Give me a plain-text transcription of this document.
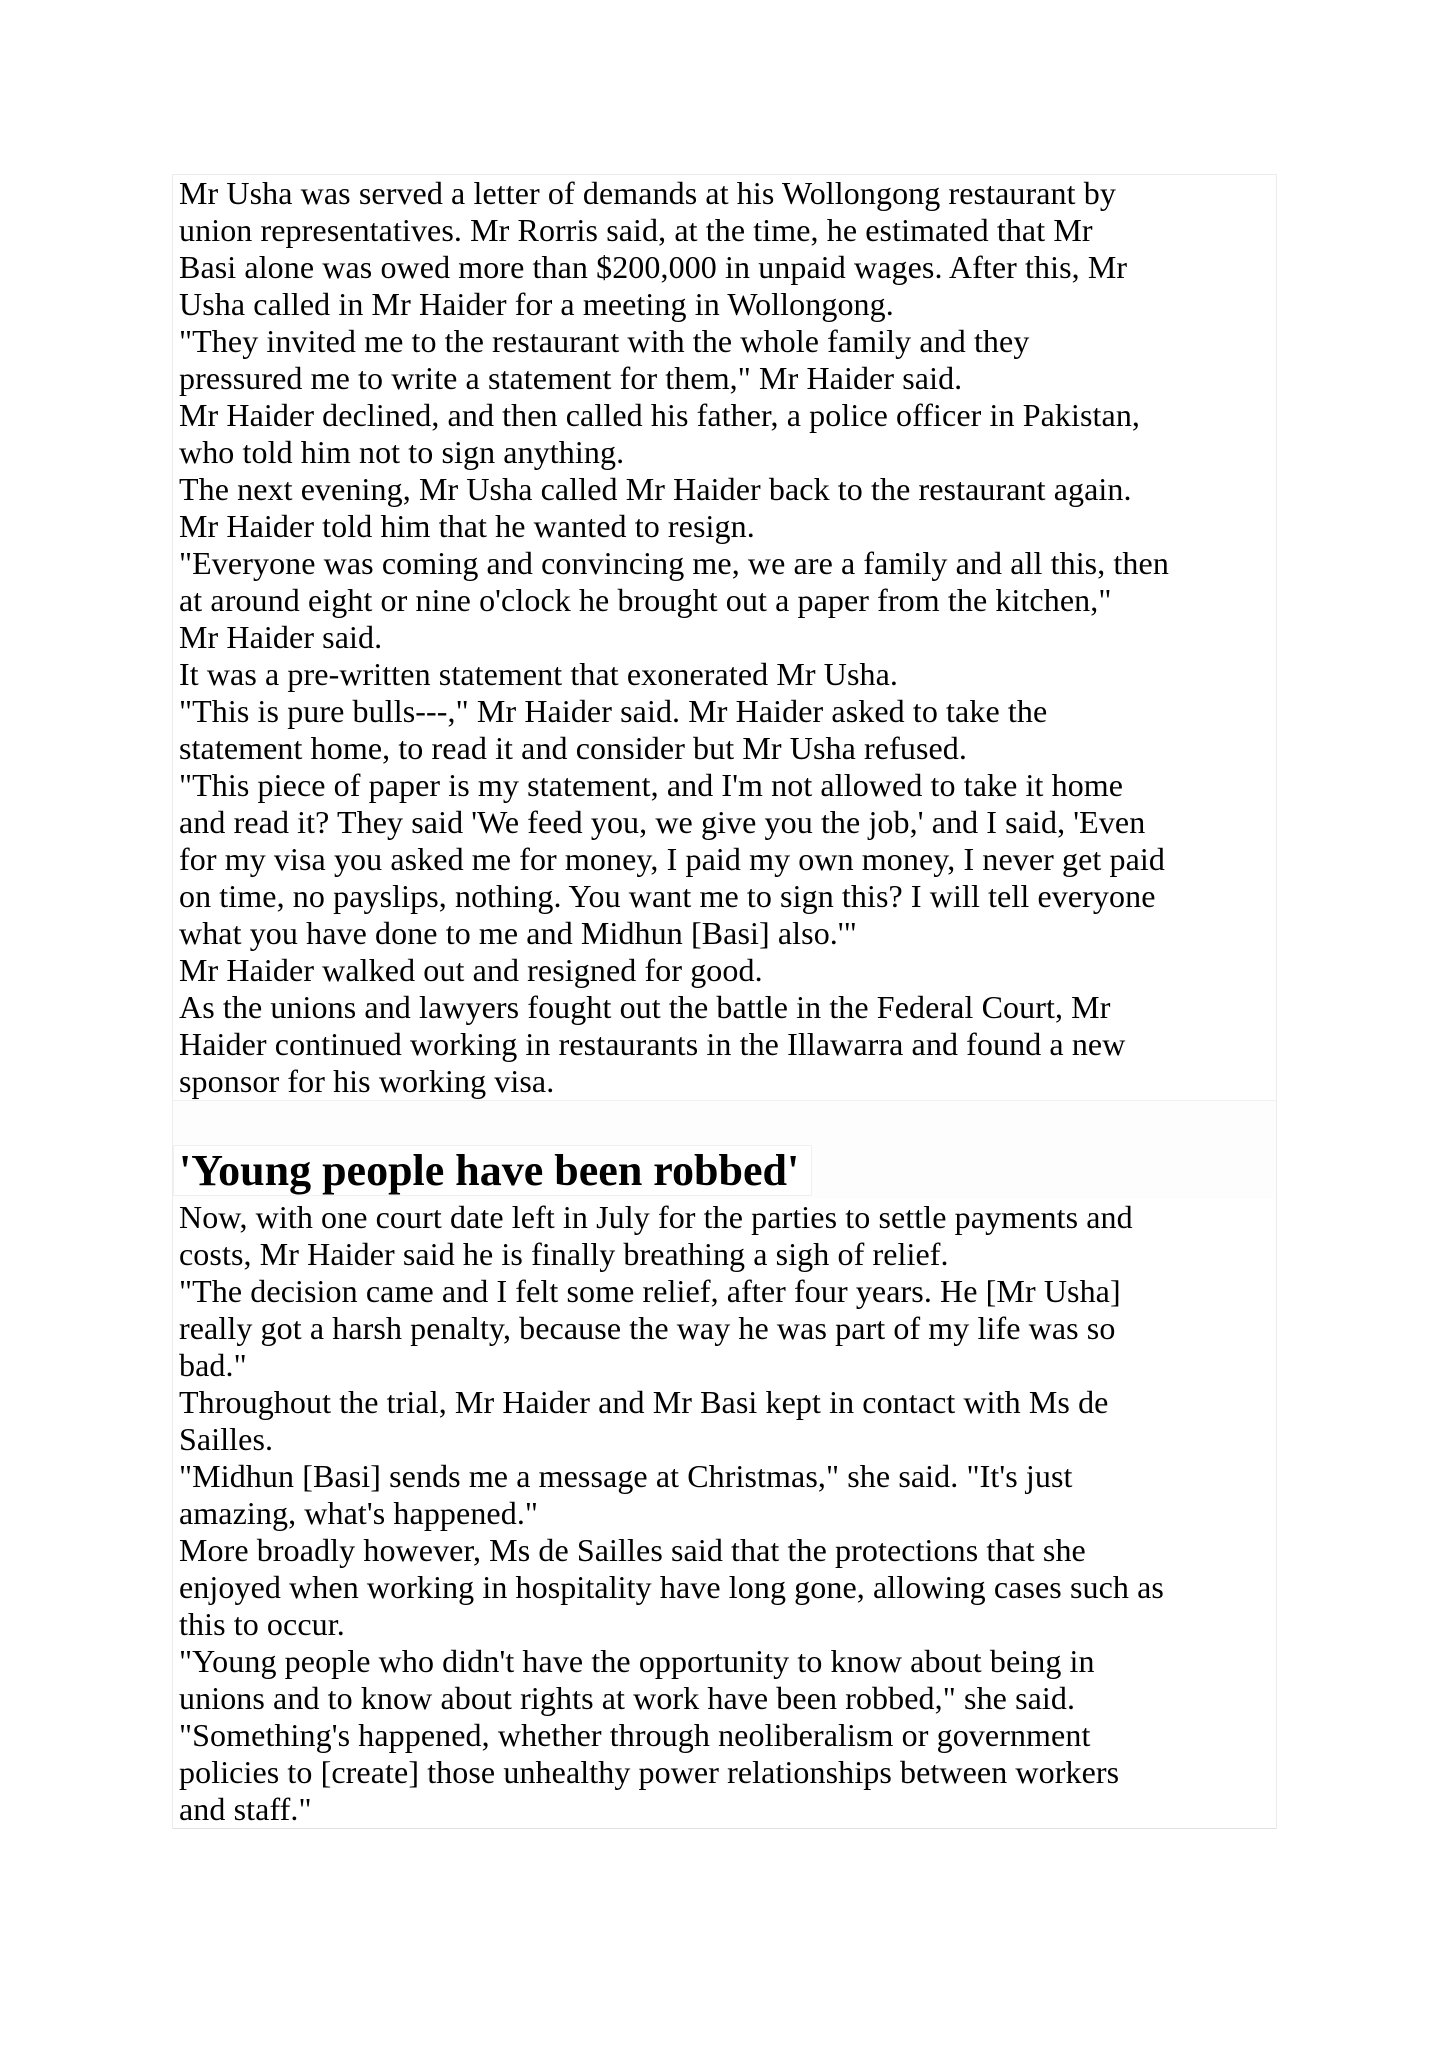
Mr Usha was served a letter of demands at his Wollongong restaurant by
union representatives. Mr Rorris said, at the time, he estimated that Mr
Basi alone was owed more than $200,000 in unpaid wages. After this, Mr
Usha called in Mr Haider for a meeting in Wollongong.

"They invited me to the restaurant with the whole family and they
pressured me to write a statement for them," Mr Haider said.

Mr Haider declined, and then called his father, a police officer in Pakistan,
who told him not to sign anything.

The next evening, Mr Usha called Mr Haider back to the restaurant again.
Mr Haider told him that he wanted to resign.

"Everyone was coming and convincing me, we are a family and all this, then
at around eight or nine o'clock he brought out a paper from the kitchen,"
Mr Haider said.

It was a pre-written statement that exonerated Mr Usha.

"This is pure bulls---," Mr Haider said. Mr Haider asked to take the
statement home, to read it and consider but Mr Usha refused.

"This piece of paper is my statement, and I'm not allowed to take it home
and read it? They said 'We feed you, we give you the job,' and I said, 'Even
for my visa you asked me for money, I paid my own money, I never get paid
on time, no payslips, nothing. You want me to sign this? I will tell everyone
what you have done to me and Midhun [Basi] also.'"

Mr Haider walked out and resigned for good.

As the unions and lawyers fought out the battle in the Federal Court, Mr
Haider continued working in restaurants in the Illawarra and found a new
sponsor for his working visa.

'Young people have been robbed'

Now, with one court date left in July for the parties to settle payments and
costs, Mr Haider said he is finally breathing a sigh of relief.

"The decision came and I felt some relief, after four years. He [Mr Usha]
really got a harsh penalty, because the way he was part of my life was so
bad."

Throughout the trial, Mr Haider and Mr Basi kept in contact with Ms de
Sailles.

"Midhun [Basi] sends me a message at Christmas," she said. "It's just
amazing, what's happened."

More broadly however, Ms de Sailles said that the protections that she
enjoyed when working in hospitality have long gone, allowing cases such as
this to occur.

"Young people who didn't have the opportunity to know about being in
unions and to know about rights at work have been robbed," she said.

"Something's happened, whether through neoliberalism or government
policies to [create] those unhealthy power relationships between workers
and staff."
